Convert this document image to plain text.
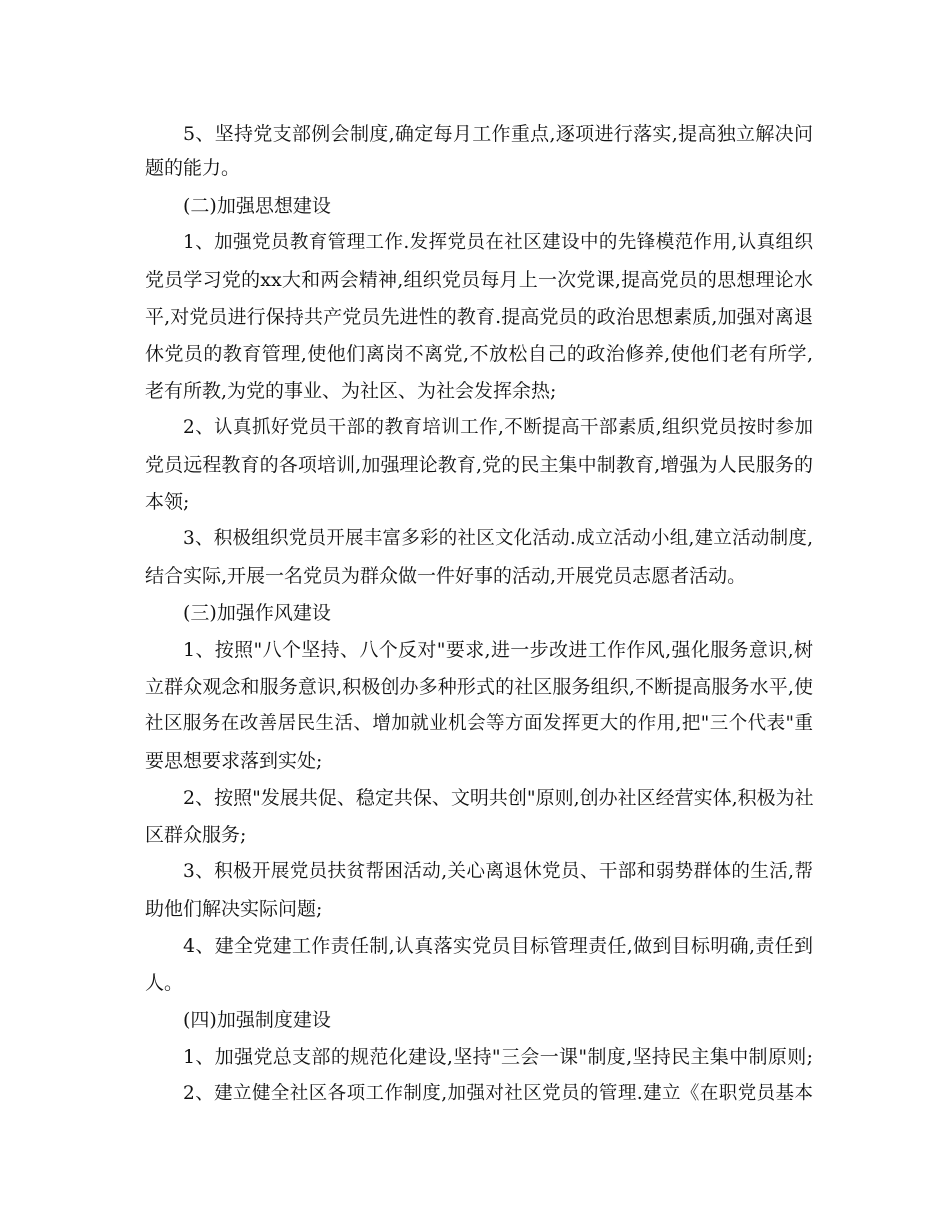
5、坚持党支部例会制度,确定每月工作重点,逐项进行落实,提高独立解决问
题的能力。
(二)加强思想建设
1、加强党员教育管理工作.发挥党员在社区建设中的先锋模范作用,认真组织
党员学习党的xx大和两会精神,组织党员每月上一次党课,提高党员的思想理论水
平,对党员进行保持共产党员先进性的教育.提高党员的政治思想素质,加强对离退
休党员的教育管理,使他们离岗不离党,不放松自己的政治修养,使他们老有所学,
老有所教,为党的事业、为社区、为社会发挥余热;
2、认真抓好党员干部的教育培训工作,不断提高干部素质,组织党员按时参加
党员远程教育的各项培训,加强理论教育,党的民主集中制教育,增强为人民服务的
本领;
3、积极组织党员开展丰富多彩的社区文化活动.成立活动小组,建立活动制度,
结合实际,开展一名党员为群众做一件好事的活动,开展党员志愿者活动。
(三)加强作风建设
1、按照"八个坚持、八个反对"要求,进一步改进工作作风,强化服务意识,树
立群众观念和服务意识,积极创办多种形式的社区服务组织,不断提高服务水平,使
社区服务在改善居民生活、增加就业机会等方面发挥更大的作用,把"三个代表"重
要思想要求落到实处;
2、按照"发展共促、稳定共保、文明共创"原则,创办社区经营实体,积极为社
区群众服务;
3、积极开展党员扶贫帮困活动,关心离退休党员、干部和弱势群体的生活,帮
助他们解决实际问题;
4、建全党建工作责任制,认真落实党员目标管理责任,做到目标明确,责任到
人。
(四)加强制度建设
1、加强党总支部的规范化建设,坚持"三会一课"制度,坚持民主集中制原则;
2、建立健全社区各项工作制度,加强对社区党员的管理.建立《在职党员基本
